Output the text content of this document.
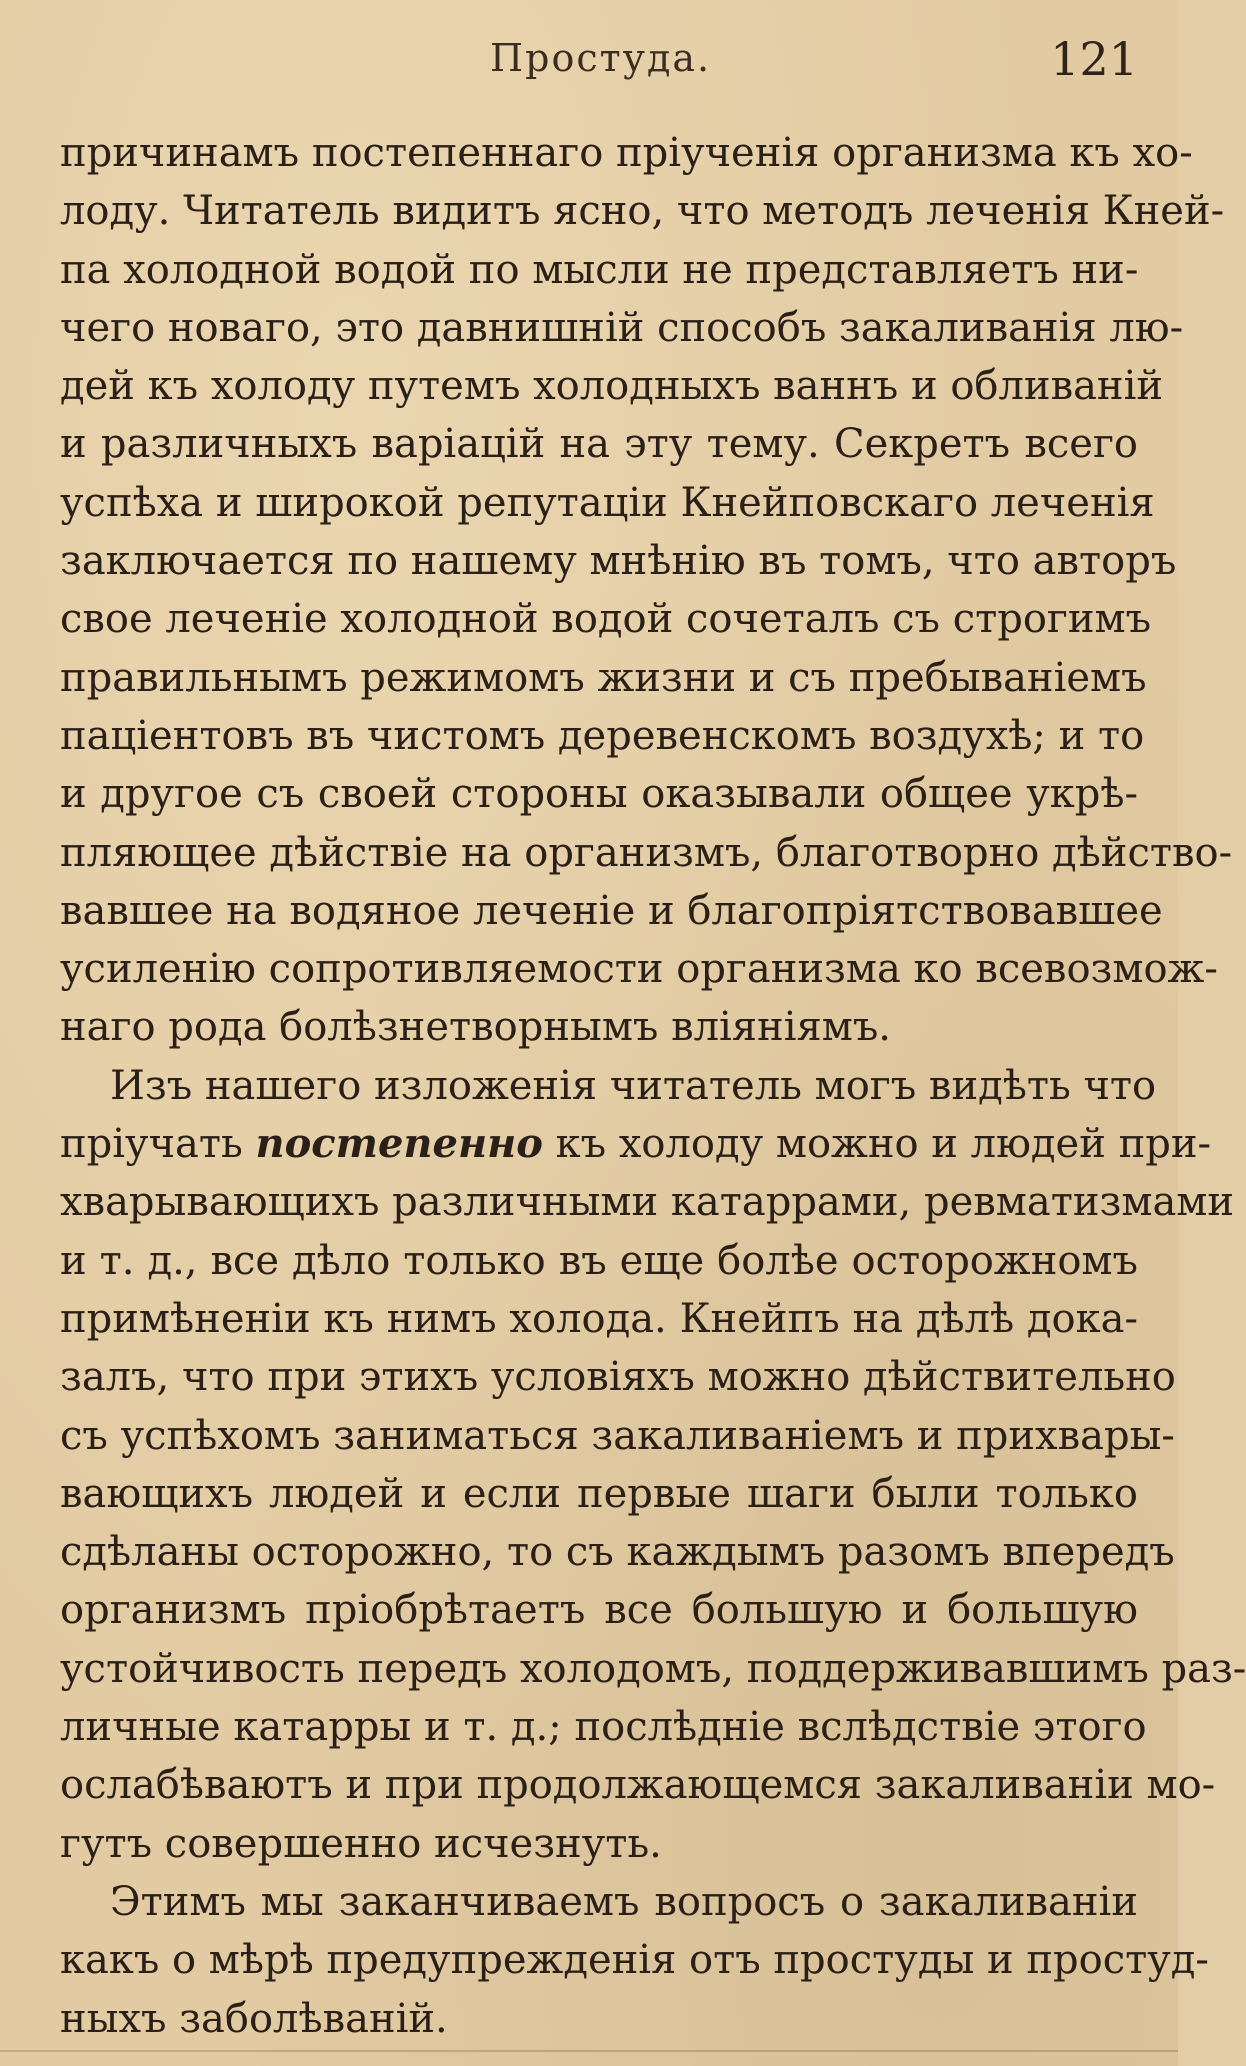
Простуда.	121
причинамъ постепеннаго пріученія организма къ хо-
лоду. Читатель видитъ ясно, что методъ леченія Кней-
па холодной водой по мысли не представляетъ ни-
чего новаго, это давнишній способъ закаливанія лю-
дей къ холоду путемъ холодныхъ ваннъ и обливаній
и различныхъ варіацій на эту тему. Секретъ всего
успѣха и широкой репутаціи Кнейповскаго леченія
заключается по нашему мнѣнію въ томъ, что авторъ
свое леченіе холодной водой сочеталъ съ строгимъ
правильнымъ режимомъ жизни и съ пребываніемъ
паціентовъ въ чистомъ деревенскомъ воздухѣ; и то
и другое съ своей стороны оказывали общее укрѣ-
пляющее дѣйствіе на организмъ, благотворно дѣйство-
вавшее на водяное леченіе и благопріятствовавшее
усиленію сопротивляемости организма ко всевозмож-
наго рода болѣзнетворнымъ вліяніямъ.
Изъ нашего изложенія читатель могъ видѣть что
пріучать постепенно къ холоду можно и людей при-
хварывающихъ различными катаррами, ревматизмами
и т. д., все дѣло только въ еще болѣе осторожномъ
примѣненіи къ нимъ холода. Кнейпъ на дѣлѣ дока-
залъ, что при этихъ условіяхъ можно дѣйствительно
съ успѣхомъ заниматься закаливаніемъ и прихвары-
вающихъ людей и если первые шаги были только
сдѣланы осторожно, то съ каждымъ разомъ впередъ
организмъ пріобрѣтаетъ все большую и большую
устойчивость передъ холодомъ, поддерживавшимъ раз-
личные катарры и т. д.; послѣдніе вслѣдствіе этого
ослабѣваютъ и при продолжающемся закаливаніи мо-
гутъ совершенно исчезнуть.
Этимъ мы заканчиваемъ вопросъ о закаливаніи
какъ о мѣрѣ предупрежденія отъ простуды и простуд-
ныхъ заболѣваній.
